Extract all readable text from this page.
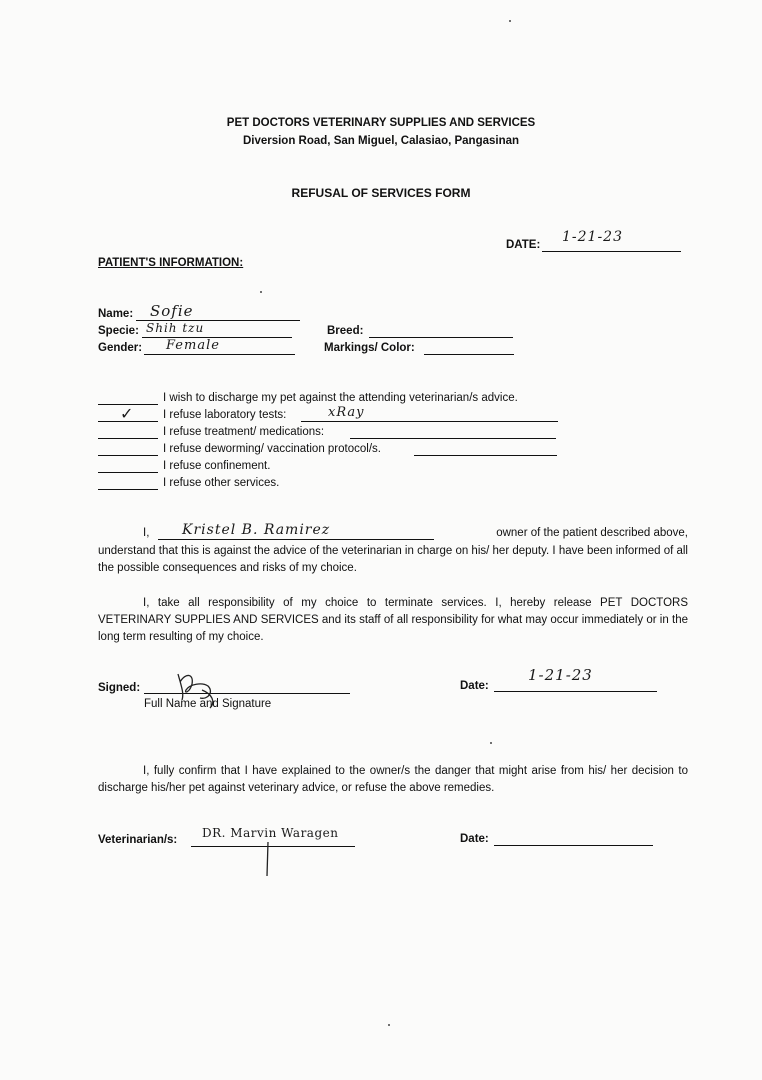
PET DOCTORS VETERINARY SUPPLIES AND SERVICES
Diversion Road, San Miguel, Calasiao, Pangasinan
REFUSAL OF SERVICES FORM
DATE: 1-21-23
PATIENT'S INFORMATION:
Name: Sofie
Specie: Shih tzu
Gender: Female
Breed:
Markings/ Color:
I wish to discharge my pet against the attending veterinarian/s advice.
✓ I refuse laboratory tests:	xRay
I refuse treatment/ medications:
I refuse deworming/ vaccination protocol/s.
I refuse confinement.
I refuse other services.
I, Kristel B. Ramirez	owner of the patient described above,
understand that this is against the advice of the veterinarian in charge on his/ her deputy. I have been informed of all the possible consequences and risks of my choice.
I, take all responsibility of my choice to terminate services. I, hereby release PET DOCTORS VETERINARY SUPPLIES AND SERVICES and its staff of all responsibility for what may occur immediately or in the long term resulting of my choice.
Signed:
Full Name and Signature
Date:
1-21-23
I, fully confirm that I have explained to the owner/s the danger that might arise from his/ her decision to discharge his/her pet against veterinary advice, or refuse the above remedies.
Veterinarian/s: DR. Marvin Waragen	Date:
